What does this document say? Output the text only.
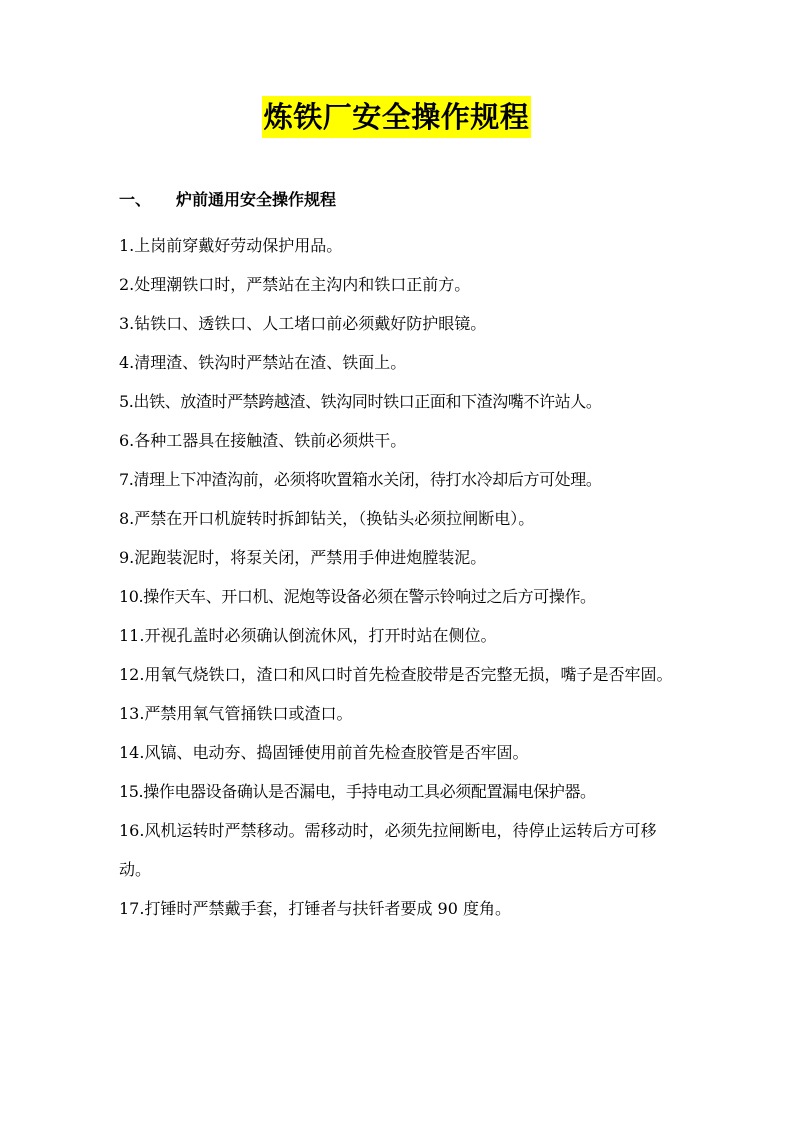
炼铁厂安全操作规程
一、 炉前通用安全操作规程

1.上岗前穿戴好劳动保护用品。

2.处理潮铁口时，严禁站在主沟内和铁口正前方。

3.钻铁口、透铁口、人工堵口前必须戴好防护眼镜。

4.清理渣、铁沟时严禁站在渣、铁面上。

5.出铁、放渣时严禁跨越渣、铁沟同时铁口正面和下渣沟嘴不许站人。

6.各种工器具在接触渣、铁前必须烘干。

7.清理上下冲渣沟前，必须将吹置箱水关闭，待打水冷却后方可处理。

8.严禁在开口机旋转时拆卸钻关，（换钻头必须拉闸断电）。

9.泥跑装泥时，将泵关闭，严禁用手伸进炮膛装泥。

10.操作天车、开口机、泥炮等设备必须在警示铃响过之后方可操作。

11.开视孔盖时必须确认倒流休风，打开时站在侧位。

12.用氧气烧铁口，渣口和风口时首先检查胶带是否完整无损，嘴子是否牢固。

13.严禁用氧气管捅铁口或渣口。

14.风镐、电动夯、捣固锤使用前首先检查胶管是否牢固。

15.操作电器设备确认是否漏电，手持电动工具必须配置漏电保护器。

16.风机运转时严禁移动。需移动时，必须先拉闸断电，待停止运转后方可移动。

17.打锤时严禁戴手套，打锤者与扶钎者要成 90 度角。
